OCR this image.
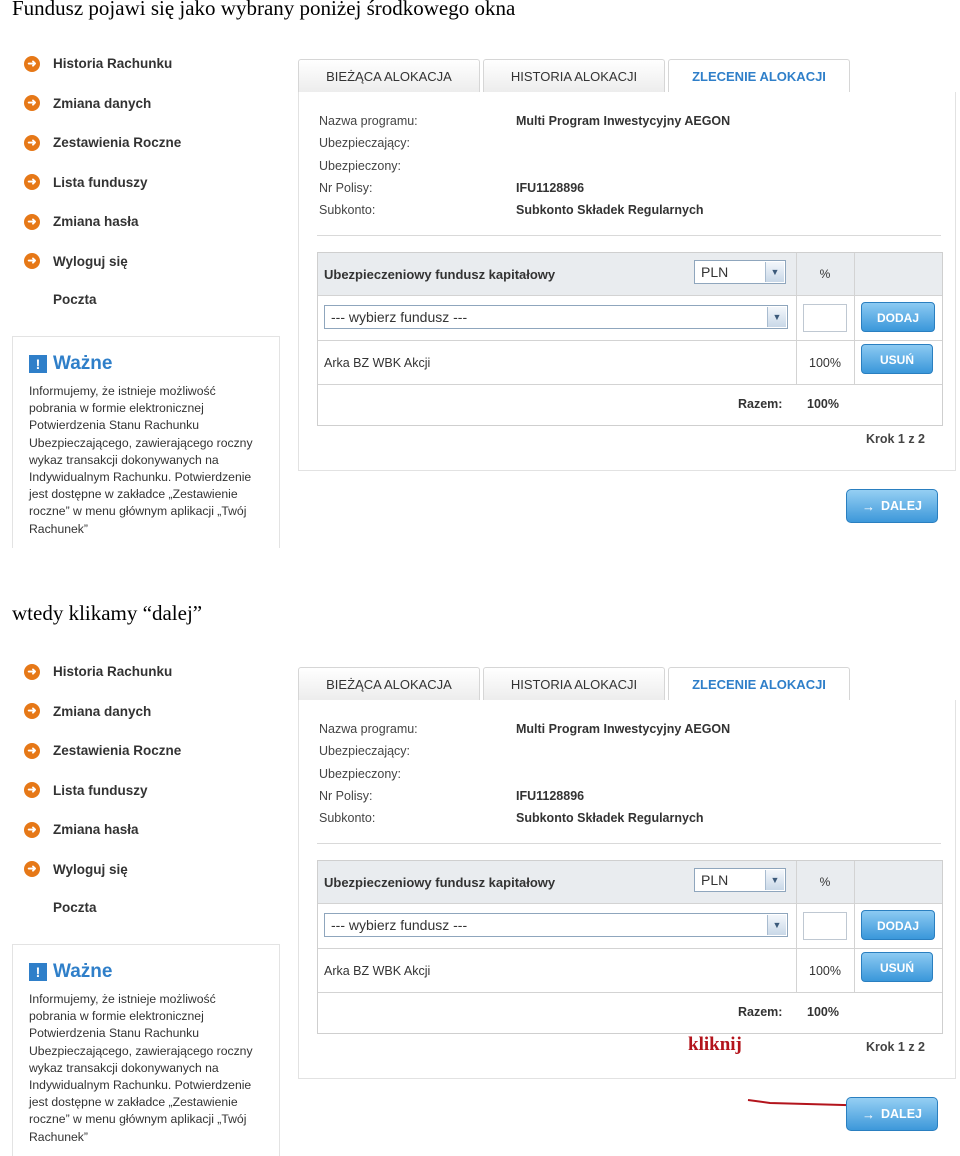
Fundusz pojawi się jako wybrany poniżej środkowego okna
➜ Historia Rachunku
➜ Zmiana danych
➜ Zestawienia Roczne
➜ Lista funduszy
➜ Zmiana hasła
➜ Wyloguj się
Poczta
! Ważne
Informujemy, że istnieje możliwość pobrania w formie elektronicznej Potwierdzenia Stanu Rachunku Ubezpieczającego, zawierającego roczny wykaz transakcji dokonywanych na Indywidualnym Rachunku. Potwierdzenie jest dostępne w zakładce „Zestawienie roczne” w menu głównym aplikacji „Twój Rachunek”
BIEŻĄCA ALOKACJA	HISTORIA ALOKACJI	ZLECENIE ALOKACJI
Nazwa programu:	Multi Program Inwestycyjny AEGON
Ubezpieczający:
Ubezpieczony:
Nr Polisy:	IFU1128896
Subkonto:	Subkonto Składek Regularnych
Ubezpieczeniowy fundusz kapitałowy	PLN	▼	%
--- wybierz fundusz ---	▼	DODAJ
Arka BZ WBK Akcji	100%	USUŃ
Razem: 100%
Krok 1 z 2
→ DALEJ
wtedy klikamy “dalej”
➜ Historia Rachunku
➜ Zmiana danych
➜ Zestawienia Roczne
➜ Lista funduszy
➜ Zmiana hasła
➜ Wyloguj się
Poczta
! Ważne
Informujemy, że istnieje możliwość pobrania w formie elektronicznej Potwierdzenia Stanu Rachunku Ubezpieczającego, zawierającego roczny wykaz transakcji dokonywanych na Indywidualnym Rachunku. Potwierdzenie jest dostępne w zakładce „Zestawienie roczne” w menu głównym aplikacji „Twój Rachunek”
BIEŻĄCA ALOKACJA	HISTORIA ALOKACJI	ZLECENIE ALOKACJI
Nazwa programu:	Multi Program Inwestycyjny AEGON
Ubezpieczający:
Ubezpieczony:
Nr Polisy:	IFU1128896
Subkonto:	Subkonto Składek Regularnych
Ubezpieczeniowy fundusz kapitałowy	PLN	▼	%
--- wybierz fundusz ---	▼	DODAJ
Arka BZ WBK Akcji	100%	USUŃ
Razem: 100%
Krok 1 z 2
kliknij
→ DALEJ
